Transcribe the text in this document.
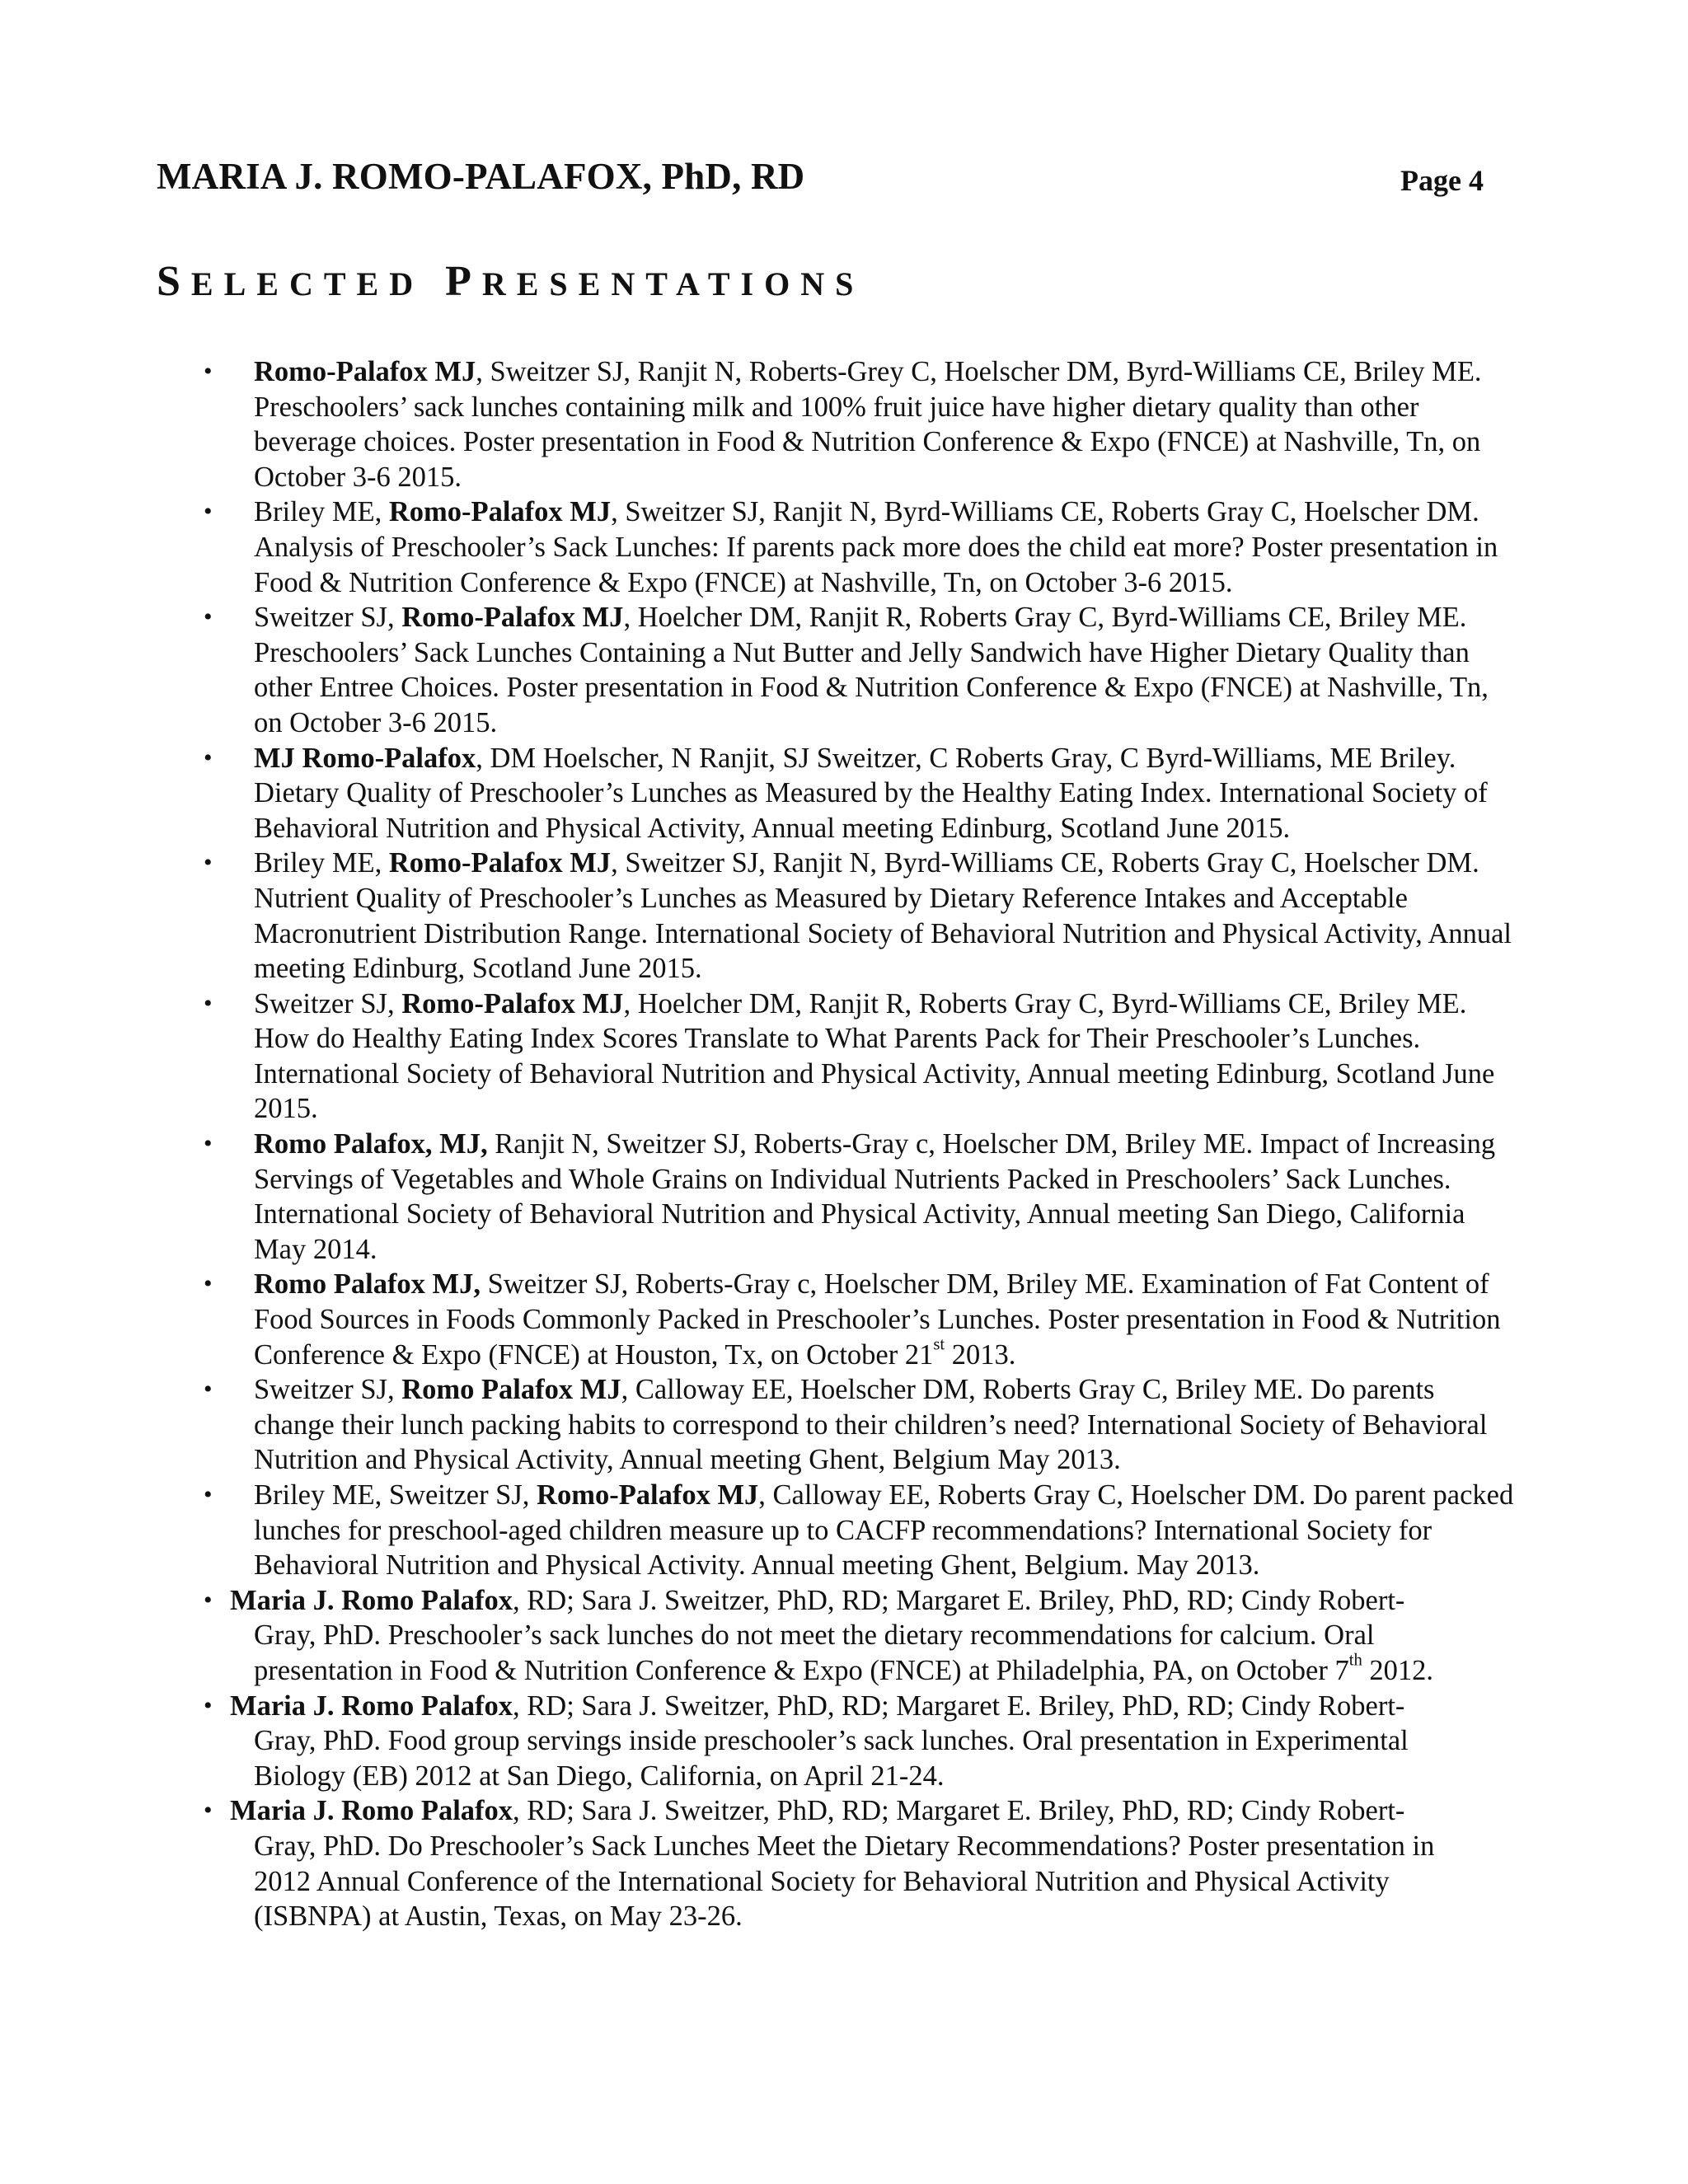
MARIA J. ROMO-PALAFOX, PhD, RD	Page 4
SELECTED PRESENTATIONS
• Romo-Palafox MJ, Sweitzer SJ, Ranjit N, Roberts-Grey C, Hoelscher DM, Byrd-Williams CE, Briley ME. Preschoolers’ sack lunches containing milk and 100% fruit juice have higher dietary quality than other beverage choices. Poster presentation in Food & Nutrition Conference & Expo (FNCE) at Nashville, Tn, on October 3-6 2015.
• Briley ME, Romo-Palafox MJ, Sweitzer SJ, Ranjit N, Byrd-Williams CE, Roberts Gray C, Hoelscher DM. Analysis of Preschooler’s Sack Lunches: If parents pack more does the child eat more? Poster presentation in Food & Nutrition Conference & Expo (FNCE) at Nashville, Tn, on October 3-6 2015.
• Sweitzer SJ, Romo-Palafox MJ, Hoelcher DM, Ranjit R, Roberts Gray C, Byrd-Williams CE, Briley ME. Preschoolers’ Sack Lunches Containing a Nut Butter and Jelly Sandwich have Higher Dietary Quality than other Entree Choices. Poster presentation in Food & Nutrition Conference & Expo (FNCE) at Nashville, Tn, on October 3-6 2015.
• MJ Romo-Palafox, DM Hoelscher, N Ranjit, SJ Sweitzer, C Roberts Gray, C Byrd-Williams, ME Briley. Dietary Quality of Preschooler’s Lunches as Measured by the Healthy Eating Index. International Society of Behavioral Nutrition and Physical Activity, Annual meeting Edinburg, Scotland June 2015.
• Briley ME, Romo-Palafox MJ, Sweitzer SJ, Ranjit N, Byrd-Williams CE, Roberts Gray C, Hoelscher DM. Nutrient Quality of Preschooler’s Lunches as Measured by Dietary Reference Intakes and Acceptable Macronutrient Distribution Range. International Society of Behavioral Nutrition and Physical Activity, Annual meeting Edinburg, Scotland June 2015.
• Sweitzer SJ, Romo-Palafox MJ, Hoelcher DM, Ranjit R, Roberts Gray C, Byrd-Williams CE, Briley ME. How do Healthy Eating Index Scores Translate to What Parents Pack for Their Preschooler’s Lunches. International Society of Behavioral Nutrition and Physical Activity, Annual meeting Edinburg, Scotland June 2015.
• Romo Palafox, MJ, Ranjit N, Sweitzer SJ, Roberts-Gray c, Hoelscher DM, Briley ME. Impact of Increasing Servings of Vegetables and Whole Grains on Individual Nutrients Packed in Preschoolers’ Sack Lunches. International Society of Behavioral Nutrition and Physical Activity, Annual meeting San Diego, California May 2014.
• Romo Palafox MJ, Sweitzer SJ, Roberts-Gray c, Hoelscher DM, Briley ME. Examination of Fat Content of Food Sources in Foods Commonly Packed in Preschooler’s Lunches. Poster presentation in Food & Nutrition Conference & Expo (FNCE) at Houston, Tx, on October 21st 2013.
• Sweitzer SJ, Romo Palafox MJ, Calloway EE, Hoelscher DM, Roberts Gray C, Briley ME. Do parents change their lunch packing habits to correspond to their children’s need? International Society of Behavioral Nutrition and Physical Activity, Annual meeting Ghent, Belgium May 2013.
• Briley ME, Sweitzer SJ, Romo-Palafox MJ, Calloway EE, Roberts Gray C, Hoelscher DM. Do parent packed lunches for preschool-aged children measure up to CACFP recommendations? International Society for Behavioral Nutrition and Physical Activity. Annual meeting Ghent, Belgium. May 2013.
• Maria J. Romo Palafox, RD; Sara J. Sweitzer, PhD, RD; Margaret E. Briley, PhD, RD; Cindy Robert-
Gray, PhD. Preschooler’s sack lunches do not meet the dietary recommendations for calcium. Oral presentation in Food & Nutrition Conference & Expo (FNCE) at Philadelphia, PA, on October 7th 2012.
• Maria J. Romo Palafox, RD; Sara J. Sweitzer, PhD, RD; Margaret E. Briley, PhD, RD; Cindy Robert-
Gray, PhD. Food group servings inside preschooler’s sack lunches. Oral presentation in Experimental Biology (EB) 2012 at San Diego, California, on April 21-24.
• Maria J. Romo Palafox, RD; Sara J. Sweitzer, PhD, RD; Margaret E. Briley, PhD, RD; Cindy Robert-
Gray, PhD. Do Preschooler’s Sack Lunches Meet the Dietary Recommendations? Poster presentation in 2012 Annual Conference of the International Society for Behavioral Nutrition and Physical Activity (ISBNPA) at Austin, Texas, on May 23-26.
